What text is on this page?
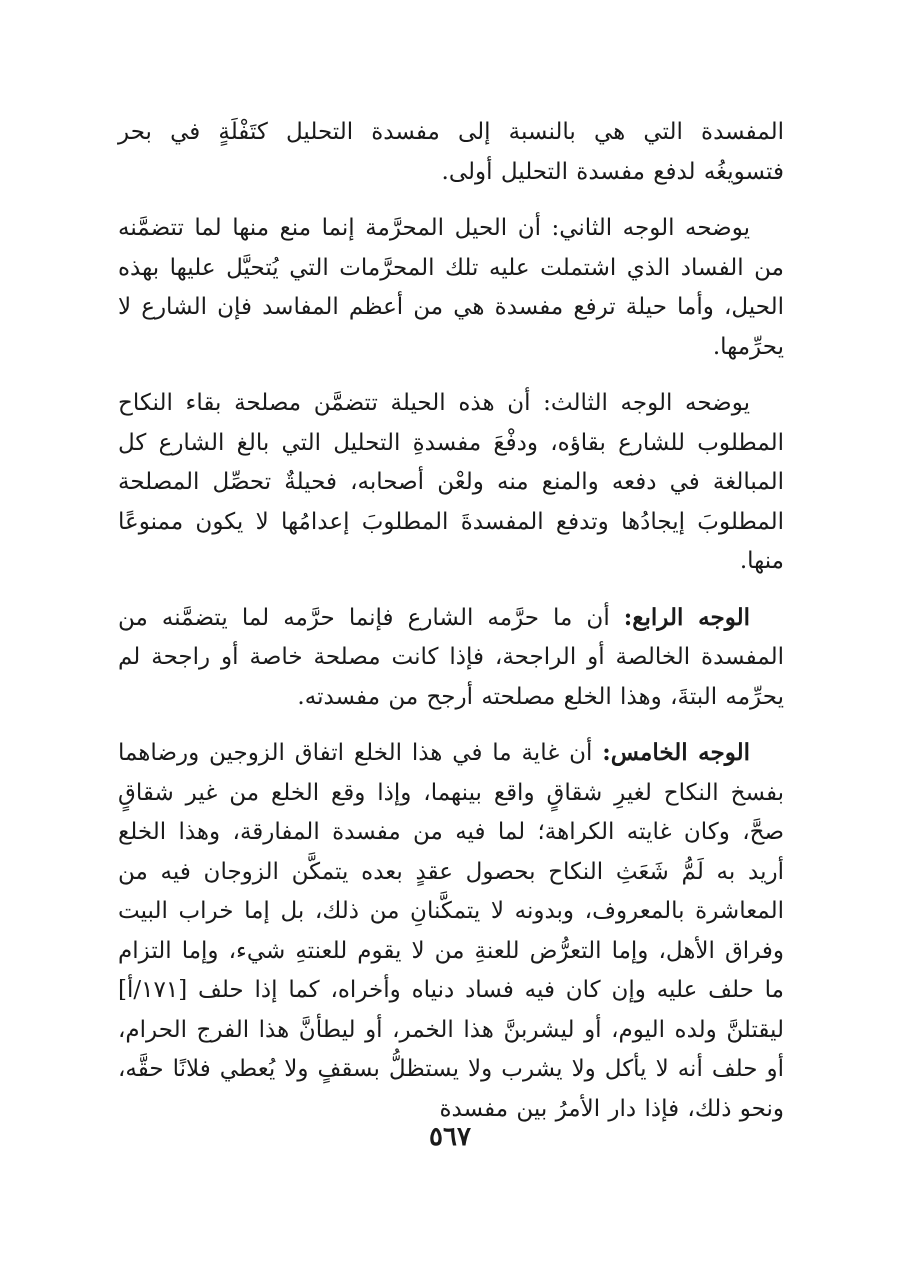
المفسدة التي هي بالنسبة إلى مفسدة التحليل كتَفْلَةٍ في بحر فتسويغُه لدفع مفسدة التحليل أولى.

يوضحه الوجه الثاني: أن الحيل المحرَّمة إنما منع منها لما تتضمَّنه من الفساد الذي اشتملت عليه تلك المحرَّمات التي يُتحيَّل عليها بهذه الحيل، وأما حيلة ترفع مفسدة هي من أعظم المفاسد فإن الشارع لا يحرِّمها.

يوضحه الوجه الثالث: أن هذه الحيلة تتضمَّن مصلحة بقاء النكاح المطلوب للشارع بقاؤه، ودفْعَ مفسدةِ التحليل التي بالغ الشارع كل المبالغة في دفعه والمنع منه ولعْن أصحابه، فحيلةٌ تحصِّل المصلحة المطلوبَ إيجادُها وتدفع المفسدةَ المطلوبَ إعدامُها لا يكون ممنوعًا منها.

الوجه الرابع: أن ما حرَّمه الشارع فإنما حرَّمه لما يتضمَّنه من المفسدة الخالصة أو الراجحة، فإذا كانت مصلحة خاصة أو راجحة لم يحرِّمه البتةَ، وهذا الخلع مصلحته أرجح من مفسدته.

الوجه الخامس: أن غاية ما في هذا الخلع اتفاق الزوجين ورضاهما بفسخ النكاح لغيرِ شقاقٍ واقع بينهما، وإذا وقع الخلع من غير شقاقٍ صحَّ، وكان غايته الكراهة؛ لما فيه من مفسدة المفارقة، وهذا الخلع أريد به لَمُّ شَعَثِ النكاح بحصول عقدٍ بعده يتمكَّن الزوجان فيه من المعاشرة بالمعروف، وبدونه لا يتمكَّنانِ من ذلك، بل إما خراب البيت وفراق الأهل، وإما التعرُّض للعنةِ من لا يقوم للعنتهِ شيء، وإما التزام ما حلف عليه وإن كان فيه فساد دنياه وأخراه، كما إذا حلف [١٧١/أ] ليقتلنَّ ولده اليوم، أو ليشربنَّ هذا الخمر، أو ليطأنَّ هذا الفرج الحرام، أو حلف أنه لا يأكل ولا يشرب ولا يستظلُّ بسقفٍ ولا يُعطي فلانًا حقَّه، ونحو ذلك، فإذا دار الأمرُ بين مفسدة

٥٦٧
